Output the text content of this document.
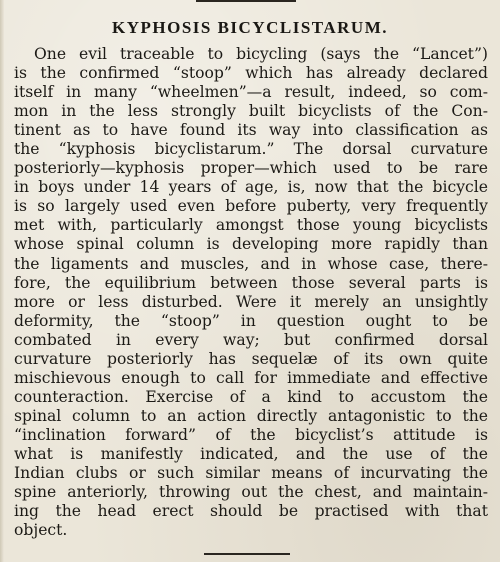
KYPHOSIS BICYCLISTARUM.
One evil traceable to bicycling (says the “Lancet”)
is the confirmed “stoop” which has already declared
itself in many “wheelmen”—a result, indeed, so com-
mon in the less strongly built bicyclists of the Con-
tinent as to have found its way into classification as
the “kyphosis bicyclistarum.” The dorsal curvature
posteriorly—kyphosis proper—which used to be rare
in boys under 14 years of age, is, now that the bicycle
is so largely used even before puberty, very frequently
met with, particularly amongst those young bicyclists
whose spinal column is developing more rapidly than
the ligaments and muscles, and in whose case, there-
fore, the equilibrium between those several parts is
more or less disturbed. Were it merely an unsightly
deformity, the “stoop” in question ought to be
combated in every way; but confirmed dorsal
curvature posteriorly has sequelæ of its own quite
mischievous enough to call for immediate and effective
counteraction. Exercise of a kind to accustom the
spinal column to an action directly antagonistic to the
“inclination forward” of the bicyclist’s attitude is
what is manifestly indicated, and the use of the
Indian clubs or such similar means of incurvating the
spine anteriorly, throwing out the chest, and maintain-
ing the head erect should be practised with that
object.
